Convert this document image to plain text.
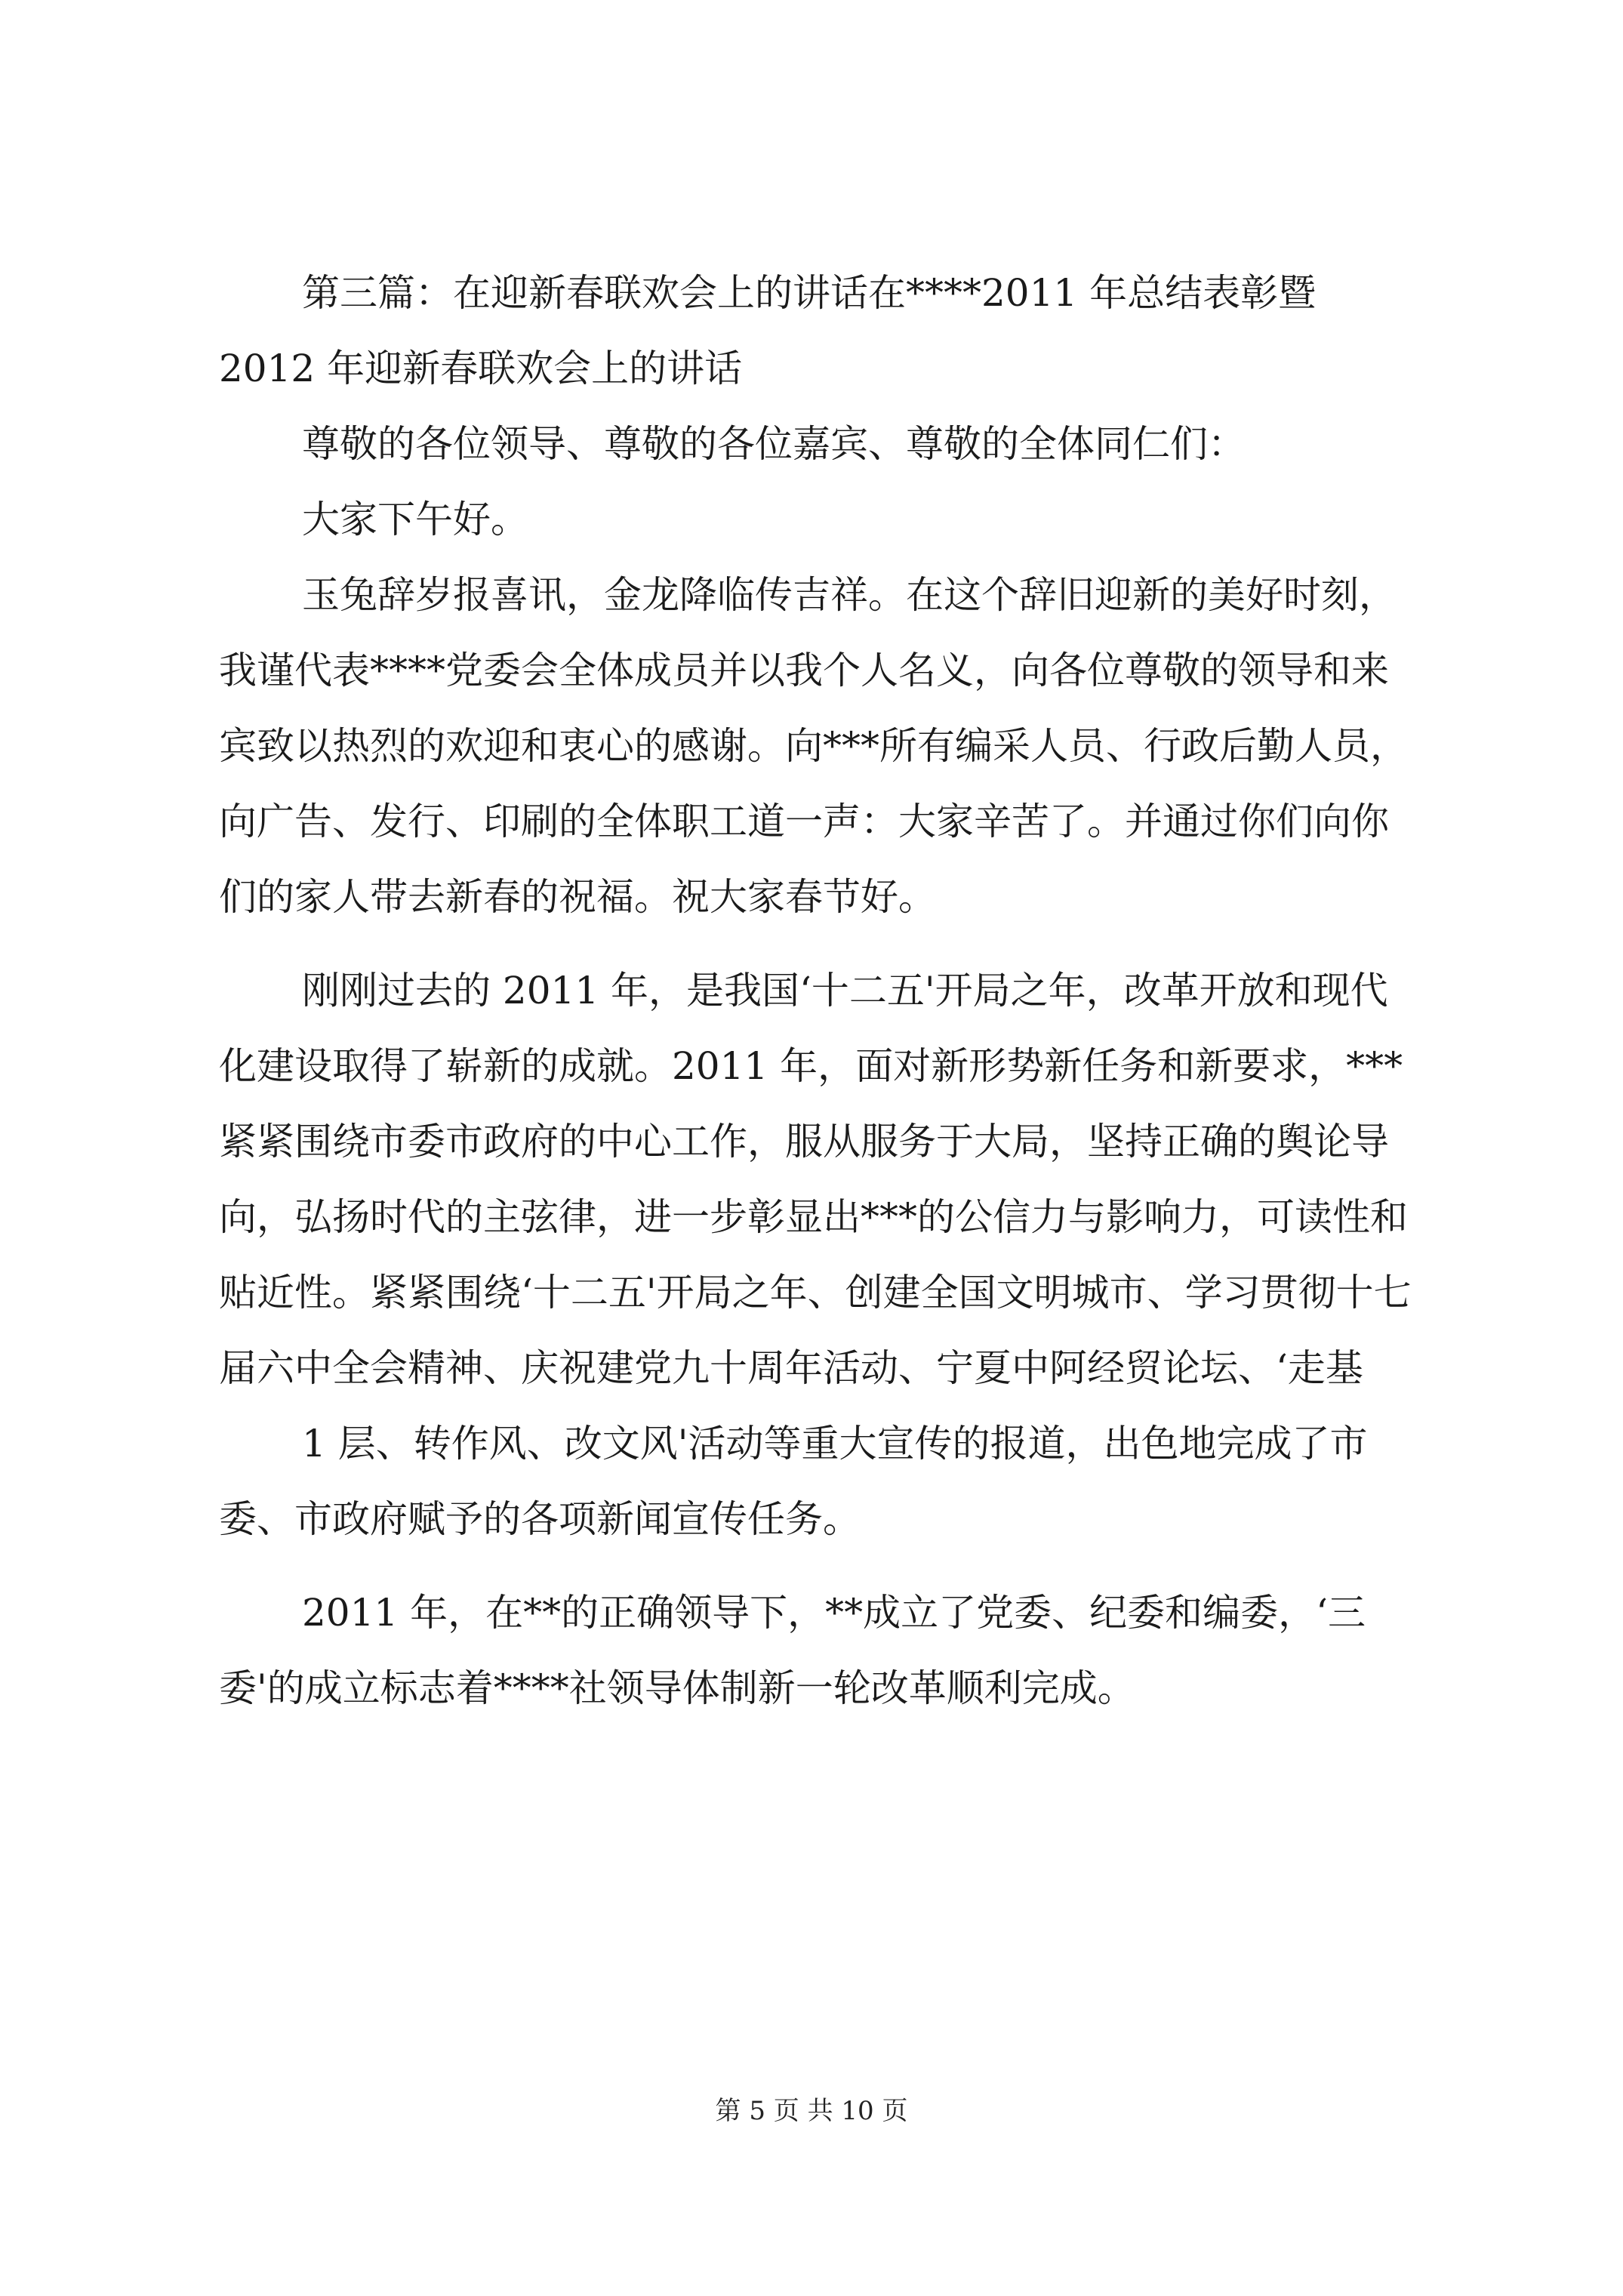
第三篇：在迎新春联欢会上的讲话在****2011 年总结表彰暨 2012 年迎新春联欢会上的讲话

尊敬的各位领导、尊敬的各位嘉宾、尊敬的全体同仁们：

大家下午好。

玉兔辞岁报喜讯，金龙降临传吉祥。在这个辞旧迎新的美好时刻，我谨代表****党委会全体成员并以我个人名义，向各位尊敬的领导和来宾致以热烈的欢迎和衷心的感谢。向***所有编采人员、行政后勤人员，向广告、发行、印刷的全体职工道一声：大家辛苦了。并通过你们向你们的家人带去新春的祝福。祝大家春节好。

刚刚过去的 2011 年，是我国‘十二五'开局之年，改革开放和现代化建设取得了崭新的成就。2011 年，面对新形势新任务和新要求，***紧紧围绕市委市政府的中心工作，服从服务于大局，坚持正确的舆论导向，弘扬时代的主弦律，进一步彰显出***的公信力与影响力，可读性和贴近性。紧紧围绕‘十二五'开局之年、创建全国文明城市、学习贯彻十七届六中全会精神、庆祝建党九十周年活动、宁夏中阿经贸论坛、‘走基

1 层、转作风、改文风'活动等重大宣传的报道，出色地完成了市委、市政府赋予的各项新闻宣传任务。

2011 年，在**的正确领导下，**成立了党委、纪委和编委，‘三委'的成立标志着****社领导体制新一轮改革顺利完成。

第 5 页 共 10 页
